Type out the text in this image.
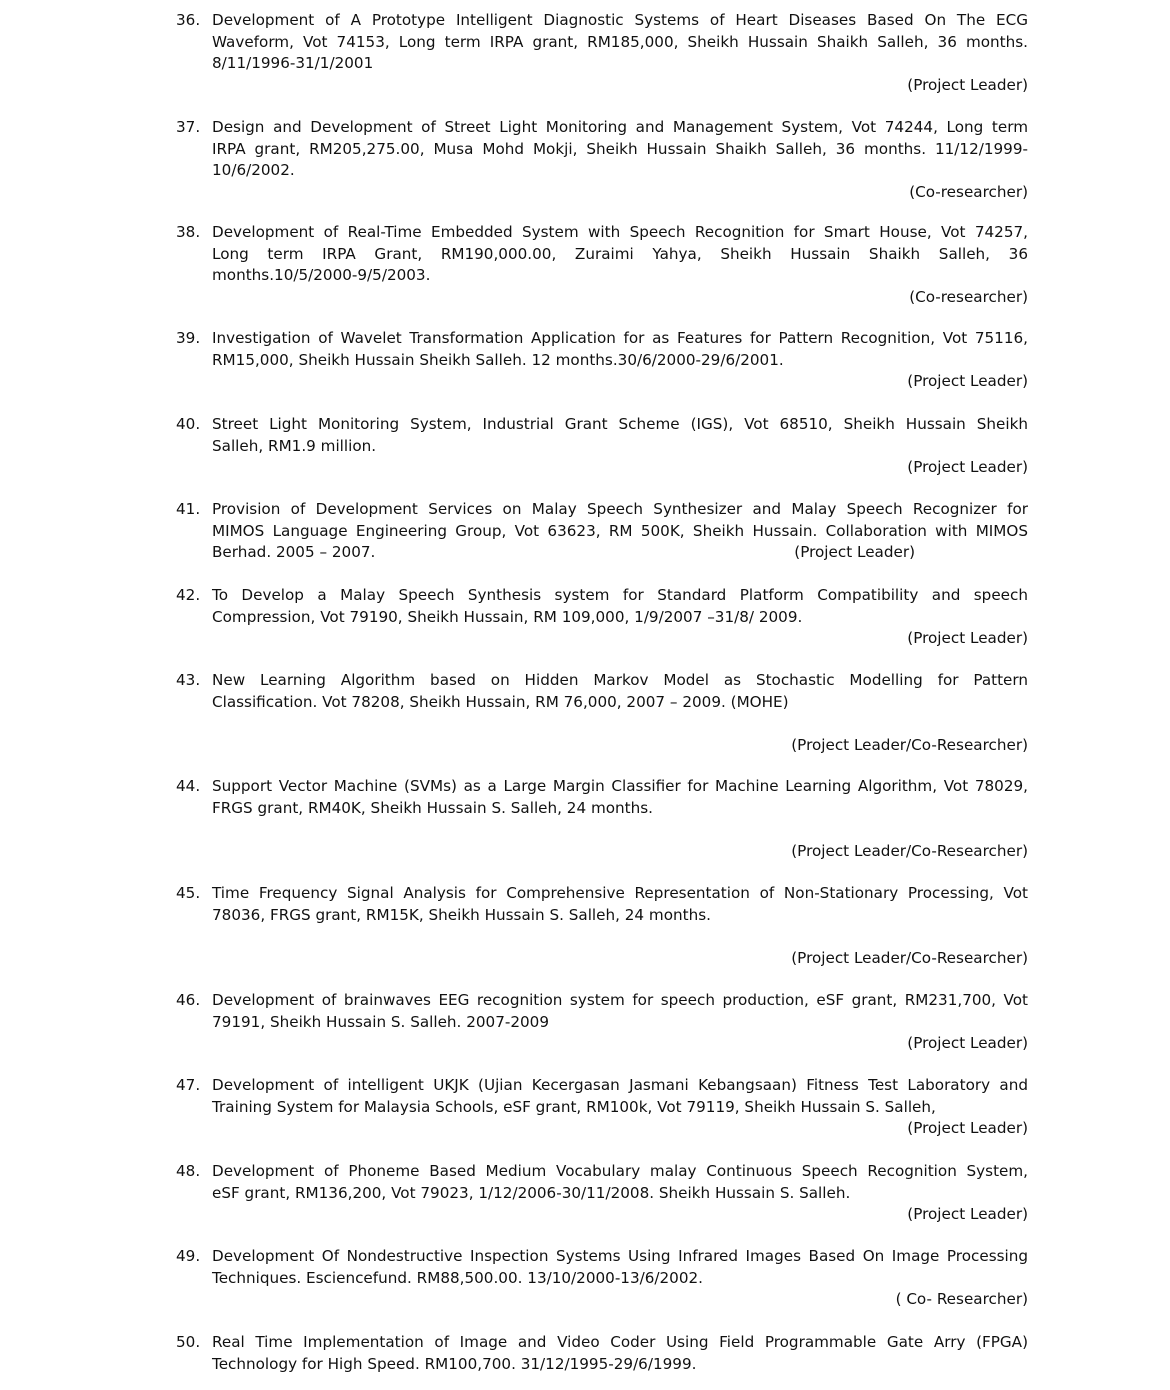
36. Development of A Prototype Intelligent Diagnostic Systems of Heart Diseases Based On The ECG
Waveform, Vot 74153, Long term IRPA grant, RM185,000, Sheikh Hussain Shaikh Salleh, 36 months.
8/11/1996-31/1/2001
(Project Leader)
37. Design and Development of Street Light Monitoring and Management System, Vot 74244, Long term
IRPA grant, RM205,275.00, Musa Mohd Mokji, Sheikh Hussain Shaikh Salleh, 36 months. 11/12/1999-
10/6/2002.
(Co-researcher)
38. Development of Real-Time Embedded System with Speech Recognition for Smart House, Vot 74257,
Long term IRPA Grant, RM190,000.00, Zuraimi Yahya, Sheikh Hussain Shaikh Salleh, 36
months.10/5/2000-9/5/2003.
(Co-researcher)
39. Investigation of Wavelet Transformation Application for as Features for Pattern Recognition, Vot 75116,
RM15,000, Sheikh Hussain Sheikh Salleh. 12 months.30/6/2000-29/6/2001.
(Project Leader)
40. Street Light Monitoring System, Industrial Grant Scheme (IGS), Vot 68510, Sheikh Hussain Sheikh
Salleh, RM1.9 million.
(Project Leader)
41. Provision of Development Services on Malay Speech Synthesizer and Malay Speech Recognizer for
MIMOS Language Engineering Group, Vot 63623, RM 500K, Sheikh Hussain. Collaboration with MIMOS
Berhad. 2005 – 2007.	(Project Leader)
42. To Develop a Malay Speech Synthesis system for Standard Platform Compatibility and speech
Compression, Vot 79190, Sheikh Hussain, RM 109,000, 1/9/2007 –31/8/ 2009.
(Project Leader)
43. New Learning Algorithm based on Hidden Markov Model as Stochastic Modelling for Pattern
Classification. Vot 78208, Sheikh Hussain, RM 76,000, 2007 – 2009. (MOHE)
(Project Leader/Co-Researcher)
44. Support Vector Machine (SVMs) as a Large Margin Classifier for Machine Learning Algorithm, Vot 78029,
FRGS grant, RM40K, Sheikh Hussain S. Salleh, 24 months.
(Project Leader/Co-Researcher)
45. Time Frequency Signal Analysis for Comprehensive Representation of Non-Stationary Processing, Vot
78036, FRGS grant, RM15K, Sheikh Hussain S. Salleh, 24 months.
(Project Leader/Co-Researcher)
46. Development of brainwaves EEG recognition system for speech production, eSF grant, RM231,700, Vot
79191, Sheikh Hussain S. Salleh. 2007-2009
(Project Leader)
47. Development of intelligent UKJK (Ujian Kecergasan Jasmani Kebangsaan) Fitness Test Laboratory and
Training System for Malaysia Schools, eSF grant, RM100k, Vot 79119, Sheikh Hussain S. Salleh,
(Project Leader)
48. Development of Phoneme Based Medium Vocabulary malay Continuous Speech Recognition System,
eSF grant, RM136,200, Vot 79023, 1/12/2006-30/11/2008. Sheikh Hussain S. Salleh.
(Project Leader)
49. Development Of Nondestructive Inspection Systems Using Infrared Images Based On Image Processing
Techniques. Esciencefund. RM88,500.00. 13/10/2000-13/6/2002.
( Co- Researcher)
50. Real Time Implementation of Image and Video Coder Using Field Programmable Gate Arry (FPGA)
Technology for High Speed. RM100,700. 31/12/1995-29/6/1999.
